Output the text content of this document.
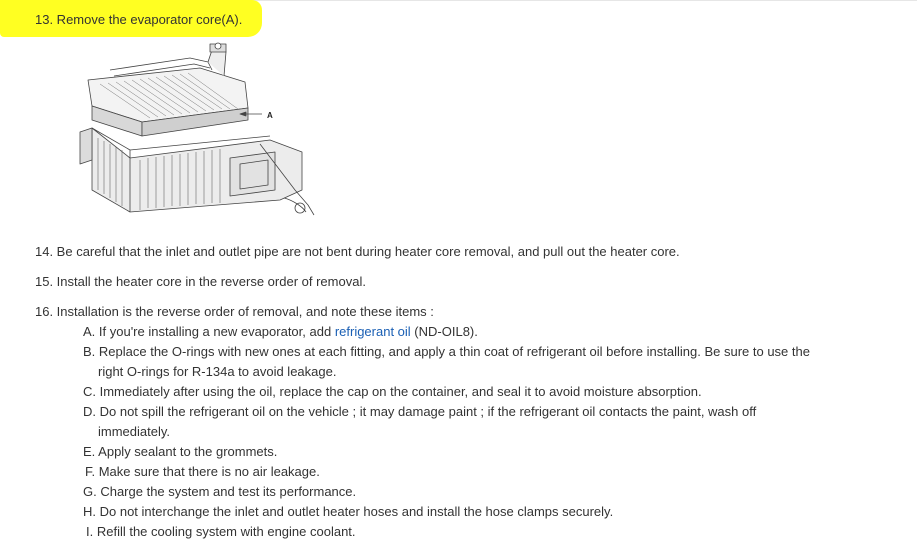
13. Remove the evaporator core(A).
A
14. Be careful that the inlet and outlet pipe are not bent during heater core removal, and pull out the heater core.
15. Install the heater core in the reverse order of removal.
16. Installation is the reverse order of removal, and note these items :
A. If you're installing a new evaporator, add refrigerant oil (ND-OIL8).
B. Replace the O-rings with new ones at each fitting, and apply a thin coat of refrigerant oil before installing. Be sure to use the
right O-rings for R-134a to avoid leakage.
C. Immediately after using the oil, replace the cap on the container, and seal it to avoid moisture absorption.
D. Do not spill the refrigerant oil on the vehicle ; it may damage paint ; if the refrigerant oil contacts the paint, wash off
immediately.
E. Apply sealant to the grommets.
F. Make sure that there is no air leakage.
G. Charge the system and test its performance.
H. Do not interchange the inlet and outlet heater hoses and install the hose clamps securely.
I. Refill the cooling system with engine coolant.
